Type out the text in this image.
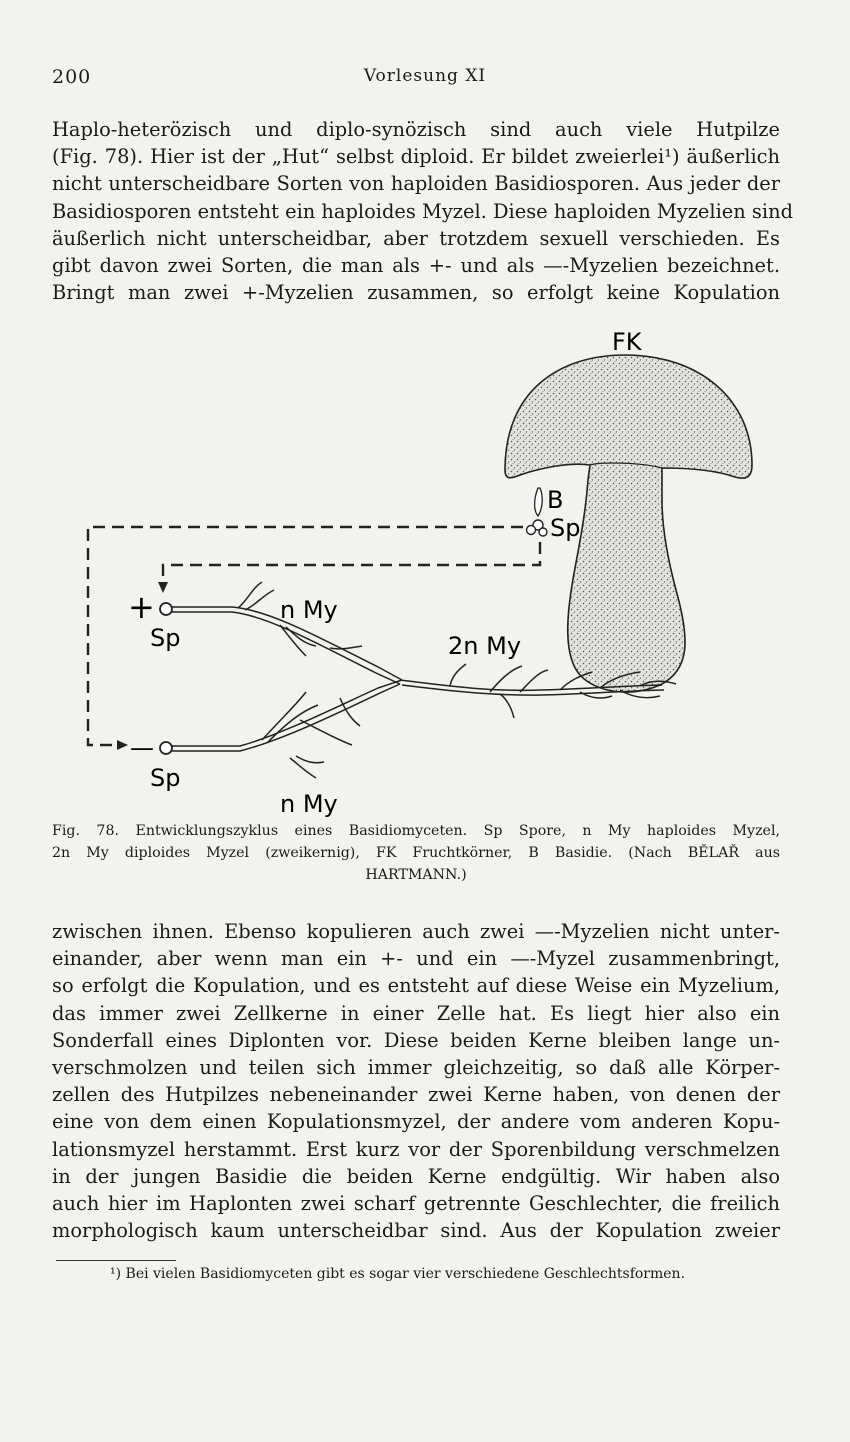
200	Vorlesung XI

Haplo-heterözisch und diplo-synözisch sind auch viele Hutpilze
(Fig. 78). Hier ist der „Hut“ selbst diploid. Er bildet zweierlei¹) äußerlich
nicht unterscheidbare Sorten von haploiden Basidiosporen. Aus jeder der
Basidiosporen entsteht ein haploides Myzel. Diese haploiden Myzelien sind
äußerlich nicht unterscheidbar, aber trotzdem sexuell verschieden. Es
gibt davon zwei Sorten, die man als +- und als —-Myzelien bezeichnet.
Bringt man zwei +-Myzelien zusammen, so erfolgt keine Kopulation

FK
B
Sp
+
Sp
n My
2n My
—
Sp
n My
Fig. 78. Entwicklungszyklus eines Basidiomyceten. Sp Spore, n My haploides Myzel,
2n My diploides Myzel (zweikernig), FK Fruchtkörner, B Basidie. (Nach BĚLAŘ aus
HARTMANN.)

zwischen ihnen. Ebenso kopulieren auch zwei —-Myzelien nicht unter-
einander, aber wenn man ein +- und ein —-Myzel zusammenbringt,
so erfolgt die Kopulation, und es entsteht auf diese Weise ein Myzelium,
das immer zwei Zellkerne in einer Zelle hat. Es liegt hier also ein
Sonderfall eines Diplonten vor. Diese beiden Kerne bleiben lange un-
verschmolzen und teilen sich immer gleichzeitig, so daß alle Körper-
zellen des Hutpilzes nebeneinander zwei Kerne haben, von denen der
eine von dem einen Kopulationsmyzel, der andere vom anderen Kopu-
lationsmyzel herstammt. Erst kurz vor der Sporenbildung verschmelzen
in der jungen Basidie die beiden Kerne endgültig. Wir haben also
auch hier im Haplonten zwei scharf getrennte Geschlechter, die freilich
morphologisch kaum unterscheidbar sind. Aus der Kopulation zweier

¹) Bei vielen Basidiomyceten gibt es sogar vier verschiedene Geschlechtsformen.
